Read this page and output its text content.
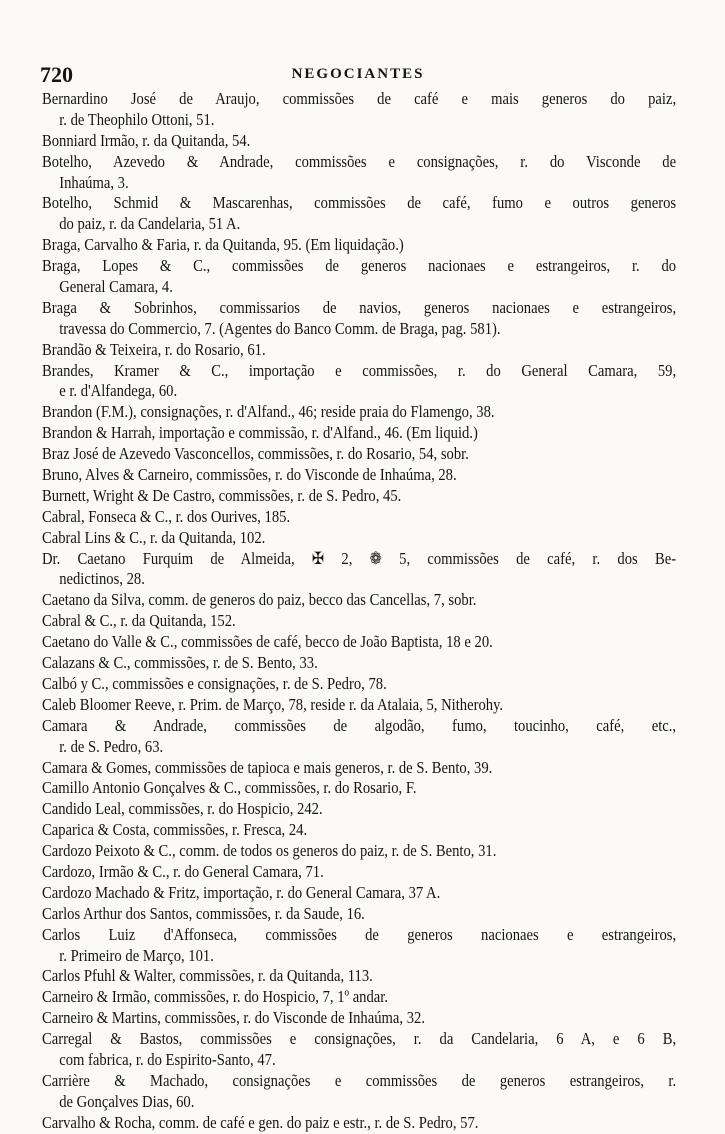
720	NEGOCIANTES
Bernardino José de Araujo, commissões de café e mais generos do paiz,
r. de Theophilo Ottoni, 51.
Bonniard Irmão, r. da Quitanda, 54.
Botelho, Azevedo & Andrade, commissões e consignações, r. do Visconde de
Inhaúma, 3.
Botelho, Schmid & Mascarenhas, commissões de café, fumo e outros generos
do paiz, r. da Candelaria, 51 A.
Braga, Carvalho & Faria, r. da Quitanda, 95. (Em liquidação.)
Braga, Lopes & C., commissões de generos nacionaes e estrangeiros, r. do
General Camara, 4.
Braga & Sobrinhos, commissarios de navios, generos nacionaes e estrangeiros,
travessa do Commercio, 7. (Agentes do Banco Comm. de Braga, pag. 581).
Brandão & Teixeira, r. do Rosario, 61.
Brandes, Kramer & C., importação e commissões, r. do General Camara, 59,
e r. d'Alfandega, 60.
Brandon (F.M.), consignações, r. d'Alfand., 46; reside praia do Flamengo, 38.
Brandon & Harrah, importação e commissão, r. d'Alfand., 46. (Em liquid.)
Braz José de Azevedo Vasconcellos, commissões, r. do Rosario, 54, sobr.
Bruno, Alves & Carneiro, commissões, r. do Visconde de Inhaúma, 28.
Burnett, Wright & De Castro, commissões, r. de S. Pedro, 45.
Cabral, Fonseca & C., r. dos Ourives, 185.
Cabral Lins & C., r. da Quitanda, 102.
Dr. Caetano Furquim de Almeida, ✠ 2, ❁ 5, commissões de café, r. dos Be-
nedictinos, 28.
Caetano da Silva, comm. de generos do paiz, becco das Cancellas, 7, sobr.
Cabral & C., r. da Quitanda, 152.
Caetano do Valle & C., commissões de café, becco de João Baptista, 18 e 20.
Calazans & C., commissões, r. de S. Bento, 33.
Calbó y C., commissões e consignações, r. de S. Pedro, 78.
Caleb Bloomer Reeve, r. Prim. de Março, 78, reside r. da Atalaia, 5, Nitherohy.
Camara & Andrade, commissões de algodão, fumo, toucinho, café, etc.,
r. de S. Pedro, 63.
Camara & Gomes, commissões de tapioca e mais generos, r. de S. Bento, 39.
Camillo Antonio Gonçalves & C., commissões, r. do Rosario, F.
Candido Leal, commissões, r. do Hospicio, 242.
Caparica & Costa, commissões, r. Fresca, 24.
Cardozo Peixoto & C., comm. de todos os generos do paiz, r. de S. Bento, 31.
Cardozo, Irmão & C., r. do General Camara, 71.
Cardozo Machado & Fritz, importação, r. do General Camara, 37 A.
Carlos Arthur dos Santos, commissões, r. da Saude, 16.
Carlos Luiz d'Affonseca, commissões de generos nacionaes e estrangeiros,
r. Primeiro de Março, 101.
Carlos Pfuhl & Walter, commissões, r. da Quitanda, 113.
Carneiro & Irmão, commissões, r. do Hospicio, 7, 1º andar.
Carneiro & Martins, commissões, r. do Visconde de Inhaúma, 32.
Carregal & Bastos, commissões e consignações, r. da Candelaria, 6 A, e 6 B,
com fabrica, r. do Espirito-Santo, 47.
Carrière & Machado, consignações e commissões de generos estrangeiros, r.
de Gonçalves Dias, 60.
Carvalho & Rocha, comm. de café e gen. do paiz e estr., r. de S. Pedro, 57.
